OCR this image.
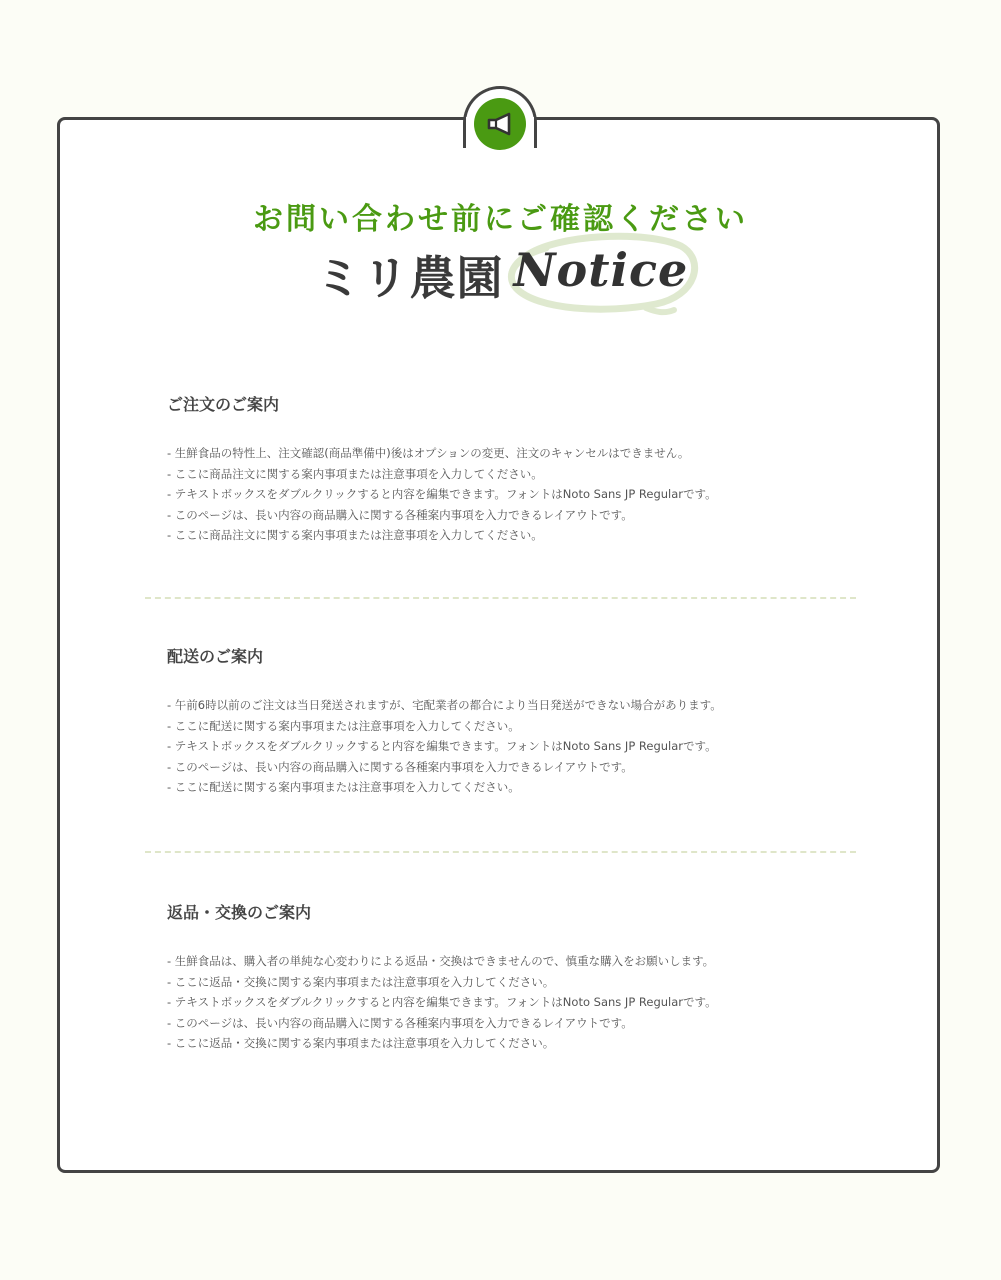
お問い合わせ前にご確認ください
ミリ農園 Notice
ご注文のご案内
- 生鮮食品の特性上、注文確認(商品準備中)後はオプションの変更、注文のキャンセルはできません。
- ここに商品注文に関する案内事項または注意事項を入力してください。
- テキストボックスをダブルクリックすると内容を編集できます。フォントはNoto Sans JP Regularです。
- このページは、長い内容の商品購入に関する各種案内事項を入力できるレイアウトです。
- ここに商品注文に関する案内事項または注意事項を入力してください。
配送のご案内
- 午前6時以前のご注文は当日発送されますが、宅配業者の都合により当日発送ができない場合があります。
- ここに配送に関する案内事項または注意事項を入力してください。
- テキストボックスをダブルクリックすると内容を編集できます。フォントはNoto Sans JP Regularです。
- このページは、長い内容の商品購入に関する各種案内事項を入力できるレイアウトです。
- ここに配送に関する案内事項または注意事項を入力してください。
返品・交換のご案内
- 生鮮食品は、購入者の単純な心変わりによる返品・交換はできませんので、慎重な購入をお願いします。
- ここに返品・交換に関する案内事項または注意事項を入力してください。
- テキストボックスをダブルクリックすると内容を編集できます。フォントはNoto Sans JP Regularです。
- このページは、長い内容の商品購入に関する各種案内事項を入力できるレイアウトです。
- ここに返品・交換に関する案内事項または注意事項を入力してください。
